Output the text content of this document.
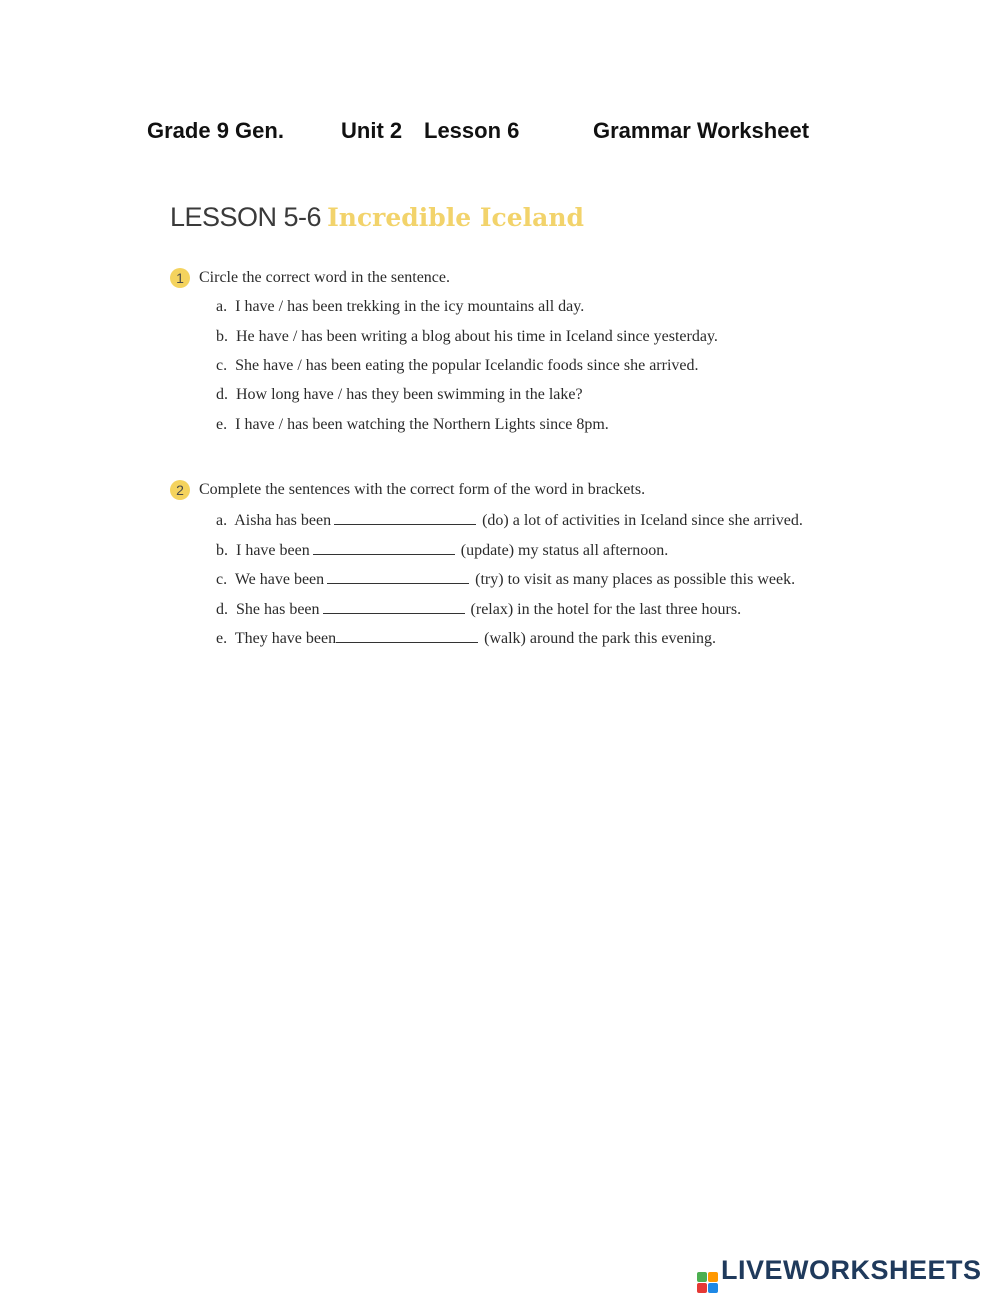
Grade 9 Gen.	Unit 2 Lesson 6	Grammar Worksheet
LESSON 5-6 Incredible Iceland
1 Circle the correct word in the sentence.
a. I have / has been trekking in the icy mountains all day.
b. He have / has been writing a blog about his time in Iceland since yesterday.
c. She have / has been eating the popular Icelandic foods since she arrived.
d. How long have / has they been swimming in the lake?
e. I have / has been watching the Northern Lights since 8pm.
2 Complete the sentences with the correct form of the word in brackets.
a. Aisha has been	(do) a lot of activities in Iceland since she arrived.
b. I have been	(update) my status all afternoon.
c. We have been	(try) to visit as many places as possible this week.
d. She has been	(relax) in the hotel for the last three hours.
e. They have been	(walk) around the park this evening.
LIVEWORKSHEETS
